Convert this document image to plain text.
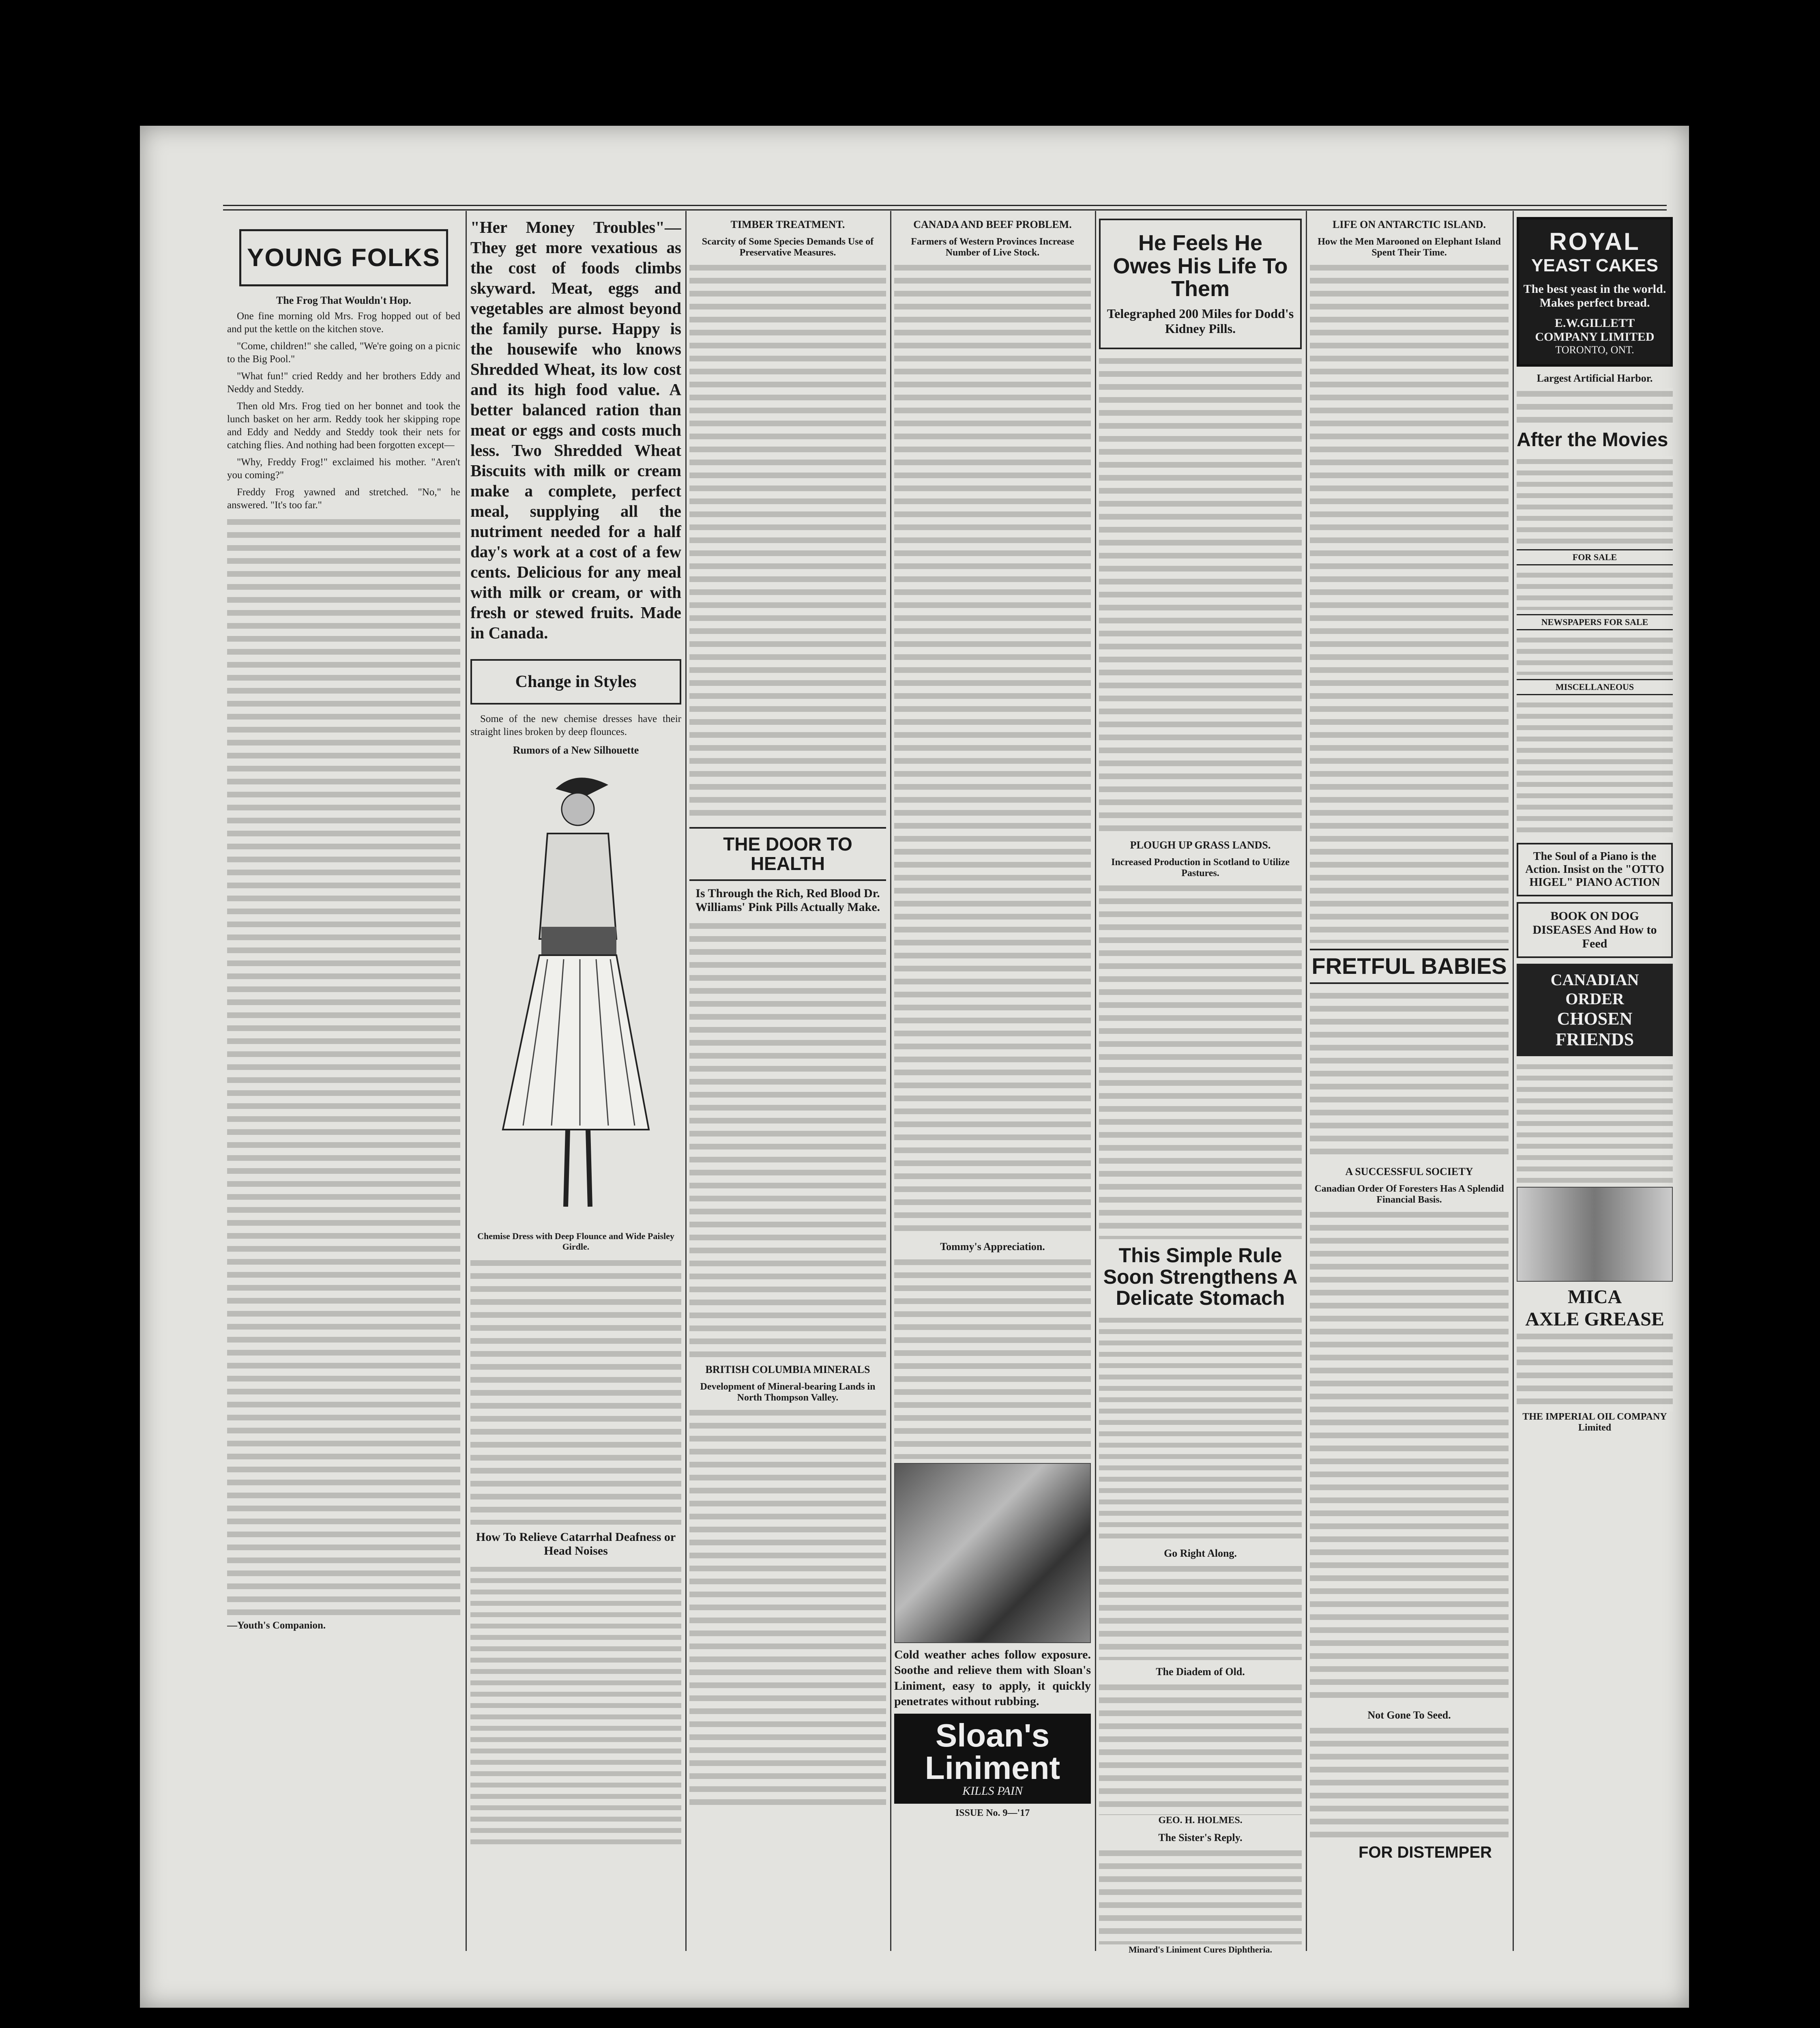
YOUNG FOLKS
The Frog That Wouldn't Hop.

One fine morning old Mrs. Frog hopped out of bed and put the kettle on the kitchen stove.

"Come, children!" she called, "We're going on a picnic to the Big Pool."

"What fun!" cried Reddy and her brothers Eddy and Neddy and Steddy.

Then old Mrs. Frog tied on her bonnet and took the lunch basket on her arm. Reddy took her skipping rope and Eddy and Neddy and Steddy took their nets for catching flies. And nothing had been forgotten except—

"Why, Freddy Frog!" exclaimed his mother. "Aren't you coming?"

Freddy Frog yawned and stretched. "No," he answered. "It's too far."

—Youth's Companion.

"Her Money Troubles"—They get more vexatious as the cost of foods climbs skyward. Meat, eggs and vegetables are almost beyond the family purse. Happy is the housewife who knows Shredded Wheat, its low cost and its high food value. A better balanced ration than meat or eggs and costs much less. Two Shredded Wheat Biscuits with milk or cream make a complete, perfect meal, supplying all the nutriment needed for a half day's work at a cost of a few cents. Delicious for any meal with milk or cream, or with fresh or stewed fruits. Made in Canada.
Change in Styles

Some of the new chemise dresses have their straight lines broken by deep flounces.

Rumors of a New Silhouette
Chemise Dress with Deep Flounce and Wide Paisley Girdle.
How To Relieve Catarrhal Deafness or Head Noises
TIMBER TREATMENT.
Scarcity of Some Species Demands Use of Preservative Measures.
THE DOOR TO HEALTH
Is Through the Rich, Red Blood Dr. Williams' Pink Pills Actually Make.
BRITISH COLUMBIA MINERALS
Development of Mineral-bearing Lands in North Thompson Valley.
CANADA AND BEEF PROBLEM.
Farmers of Western Provinces Increase Number of Live Stock.
Tommy's Appreciation.

Cold weather aches follow exposure. Soothe and relieve them with Sloan's Liniment, easy to apply, it quickly penetrates without rubbing.

Sloan's Liniment
KILLS PAIN
ISSUE No. 9—'17
He Feels He Owes His Life To Them
Telegraphed 200 Miles for Dodd's Kidney Pills.
PLOUGH UP GRASS LANDS.
Increased Production in Scotland to Utilize Pastures.
This Simple Rule Soon Strengthens A Delicate Stomach
Go Right Along.
The Diadem of Old.
GEO. H. HOLMES.
The Sister's Reply.
Minard's Liniment Cures Diphtheria.
LIFE ON ANTARCTIC ISLAND.
How the Men Marooned on Elephant Island Spent Their Time.
FRETFUL BABIES
A SUCCESSFUL SOCIETY
Canadian Order Of Foresters Has A Splendid Financial Basis.
Not Gone To Seed.
FOR DISTEMPER
ROYAL
YEAST CAKES
The best yeast in the world. Makes perfect bread.
E.W.GILLETT COMPANY LIMITED
TORONTO, ONT.
Largest Artificial Harbor.
After the Movies
FOR SALE
NEWSPAPERS FOR SALE
MISCELLANEOUS
The Soul of a Piano is the Action. Insist on the "OTTO HIGEL" PIANO ACTION
BOOK ON DOG DISEASES And How to Feed
CANADIAN ORDER
CHOSEN FRIENDS
MICA
AXLE GREASE
THE IMPERIAL OIL COMPANY Limited
